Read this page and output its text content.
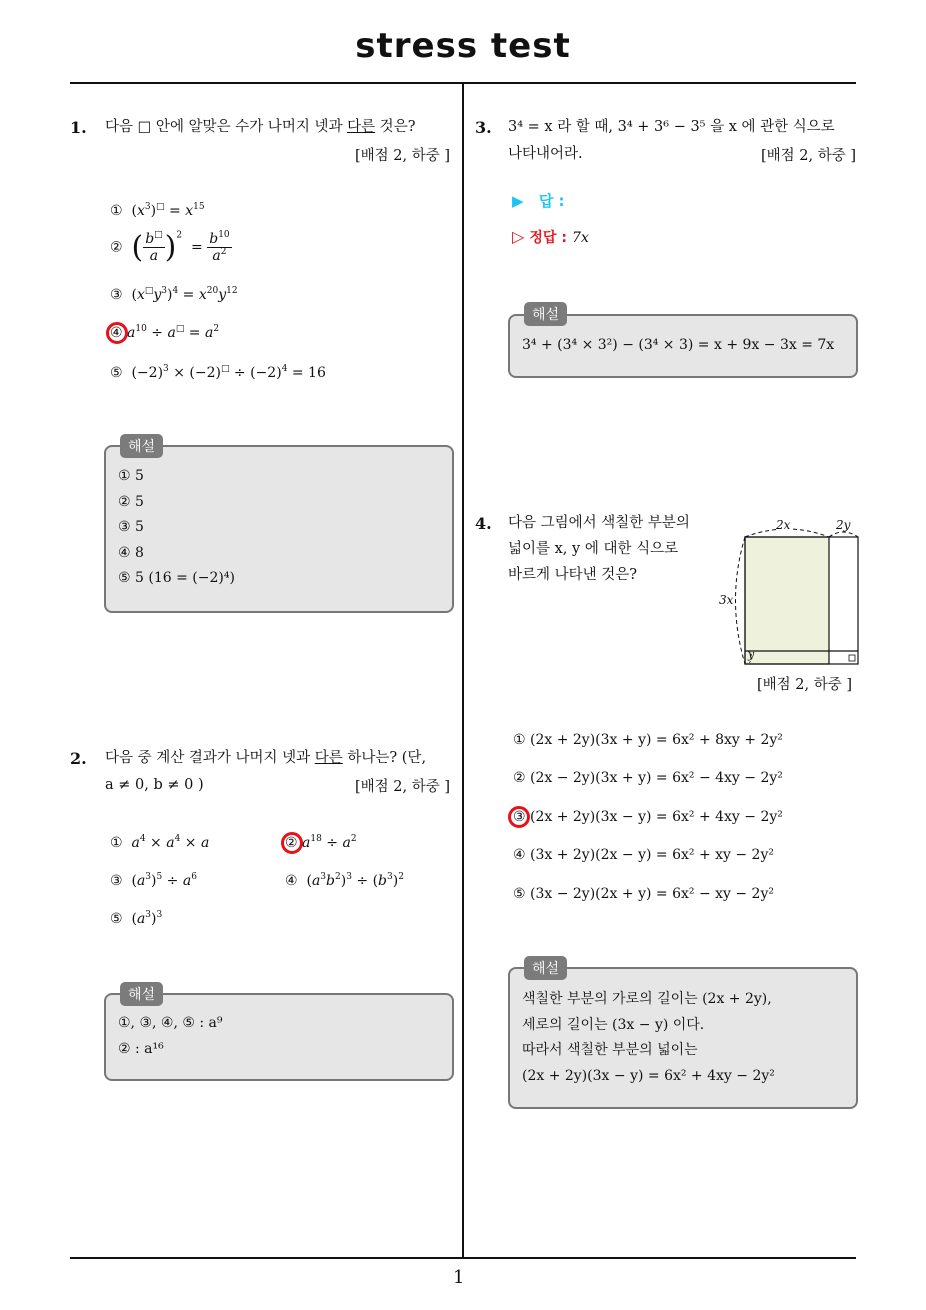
stress test
1
1. 다음 □ 안에 알맞은 수가 나머지 넷과 다른 것은?
[배점 2, 하중 ]
①  $(x^3)^□ = x^{15}$
② ( $\frac{b^□}{a} )^2 = \frac{b^{10}}{a^2}$
③  $(x^□y^3)^4 = x^{20}y^{12}$
④ $a^{10} \div a^□ = a^2$
⑤  $(-2)^3 \times (-2)^□ \div (-2)^4 = 16$
해설
① 5
② 5
③ 5
④ 8
⑤ 5 (16 = (−2)⁴)
2. 다음 중 계산 결과가 나머지 넷과 다른 하나는? (단,
a ≠ 0, b ≠ 0 )	[배점 2, 하중 ]
① $a^4 \times a^4 \times a$	② $a^{18} \div a^2$
③  $(a^3)^5 \div a^6$	④  $(a^3b^2)^3 \div (b^3)^2$
⑤  $(a^3)^3$
해설
①, ③, ④, ⑤ : a⁹
② : a¹⁶
3. 3⁴ = x 라 할 때, 3⁴ + 3⁶ − 3⁵ 을 x 에 관한 식으로
나타내어라.	[배점 2, 하중 ]
▶ 답 :
▷ 정답 : 7x
해설
3⁴ + (3⁴ × 3²) − (3⁴ × 3) = x + 9x − 3x = 7x
4. 다음 그림에서 색칠한 부분의
넓이를 x, y 에 대한 식으로
바르게 나타낸 것은?
2x	2y
3x
y
[배점 2, 하중 ]
① (2x + 2y)(3x + y) = 6x² + 8xy + 2y²
② (2x − 2y)(3x + y) = 6x² − 4xy − 2y²
③ (2x + 2y)(3x − y) = 6x² + 4xy − 2y²
④ (3x + 2y)(2x − y) = 6x² + xy − 2y²
⑤ (3x − 2y)(2x + y) = 6x² − xy − 2y²
해설
색칠한 부분의 가로의 길이는 (2x + 2y),
세로의 길이는 (3x − y) 이다.
따라서 색칠한 부분의 넓이는
(2x + 2y)(3x − y) = 6x² + 4xy − 2y²
